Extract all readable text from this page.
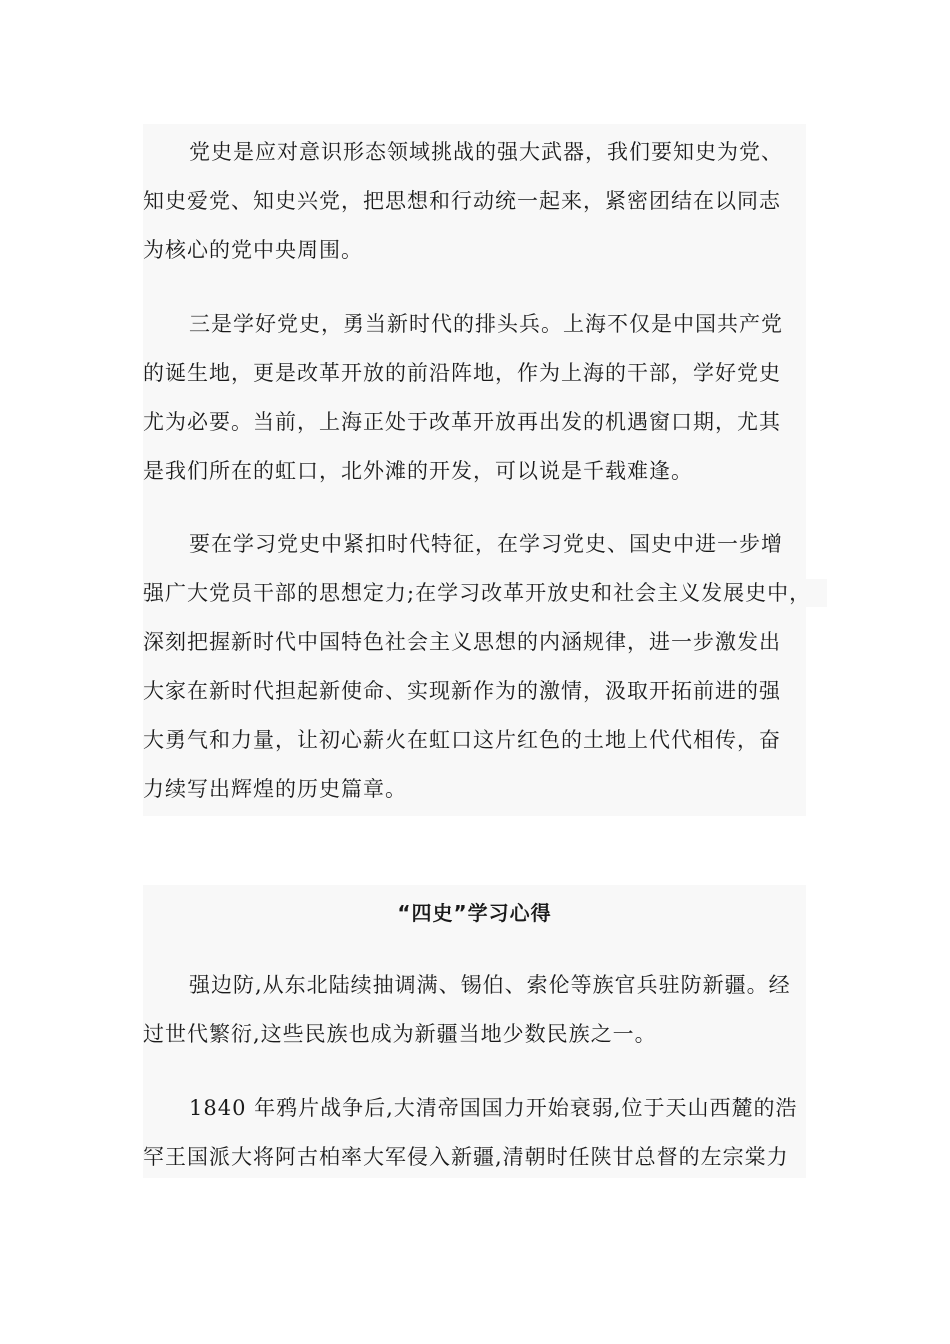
党史是应对意识形态领域挑战的强大武器，我们要知史为党、
知史爱党、知史兴党，把思想和行动统一起来，紧密团结在以同志
为核心的党中央周围。
三是学好党史，勇当新时代的排头兵。上海不仅是中国共产党
的诞生地，更是改革开放的前沿阵地，作为上海的干部，学好党史
尤为必要。当前，上海正处于改革开放再出发的机遇窗口期，尤其
是我们所在的虹口，北外滩的开发，可以说是千载难逢。
要在学习党史中紧扣时代特征，在学习党史、国史中进一步增
强广大党员干部的思想定力;在学习改革开放史和社会主义发展史中，
深刻把握新时代中国特色社会主义思想的内涵规律，进一步激发出
大家在新时代担起新使命、实现新作为的激情，汲取开拓前进的强
大勇气和力量，让初心薪火在虹口这片红色的土地上代代相传，奋
力续写出辉煌的历史篇章。
“四史”学习心得
强边防,从东北陆续抽调满、锡伯、索伦等族官兵驻防新疆。经
过世代繁衍,这些民族也成为新疆当地少数民族之一。
1840 年鸦片战争后,大清帝国国力开始衰弱,位于天山西麓的浩
罕王国派大将阿古柏率大军侵入新疆,清朝时任陕甘总督的左宗棠力
